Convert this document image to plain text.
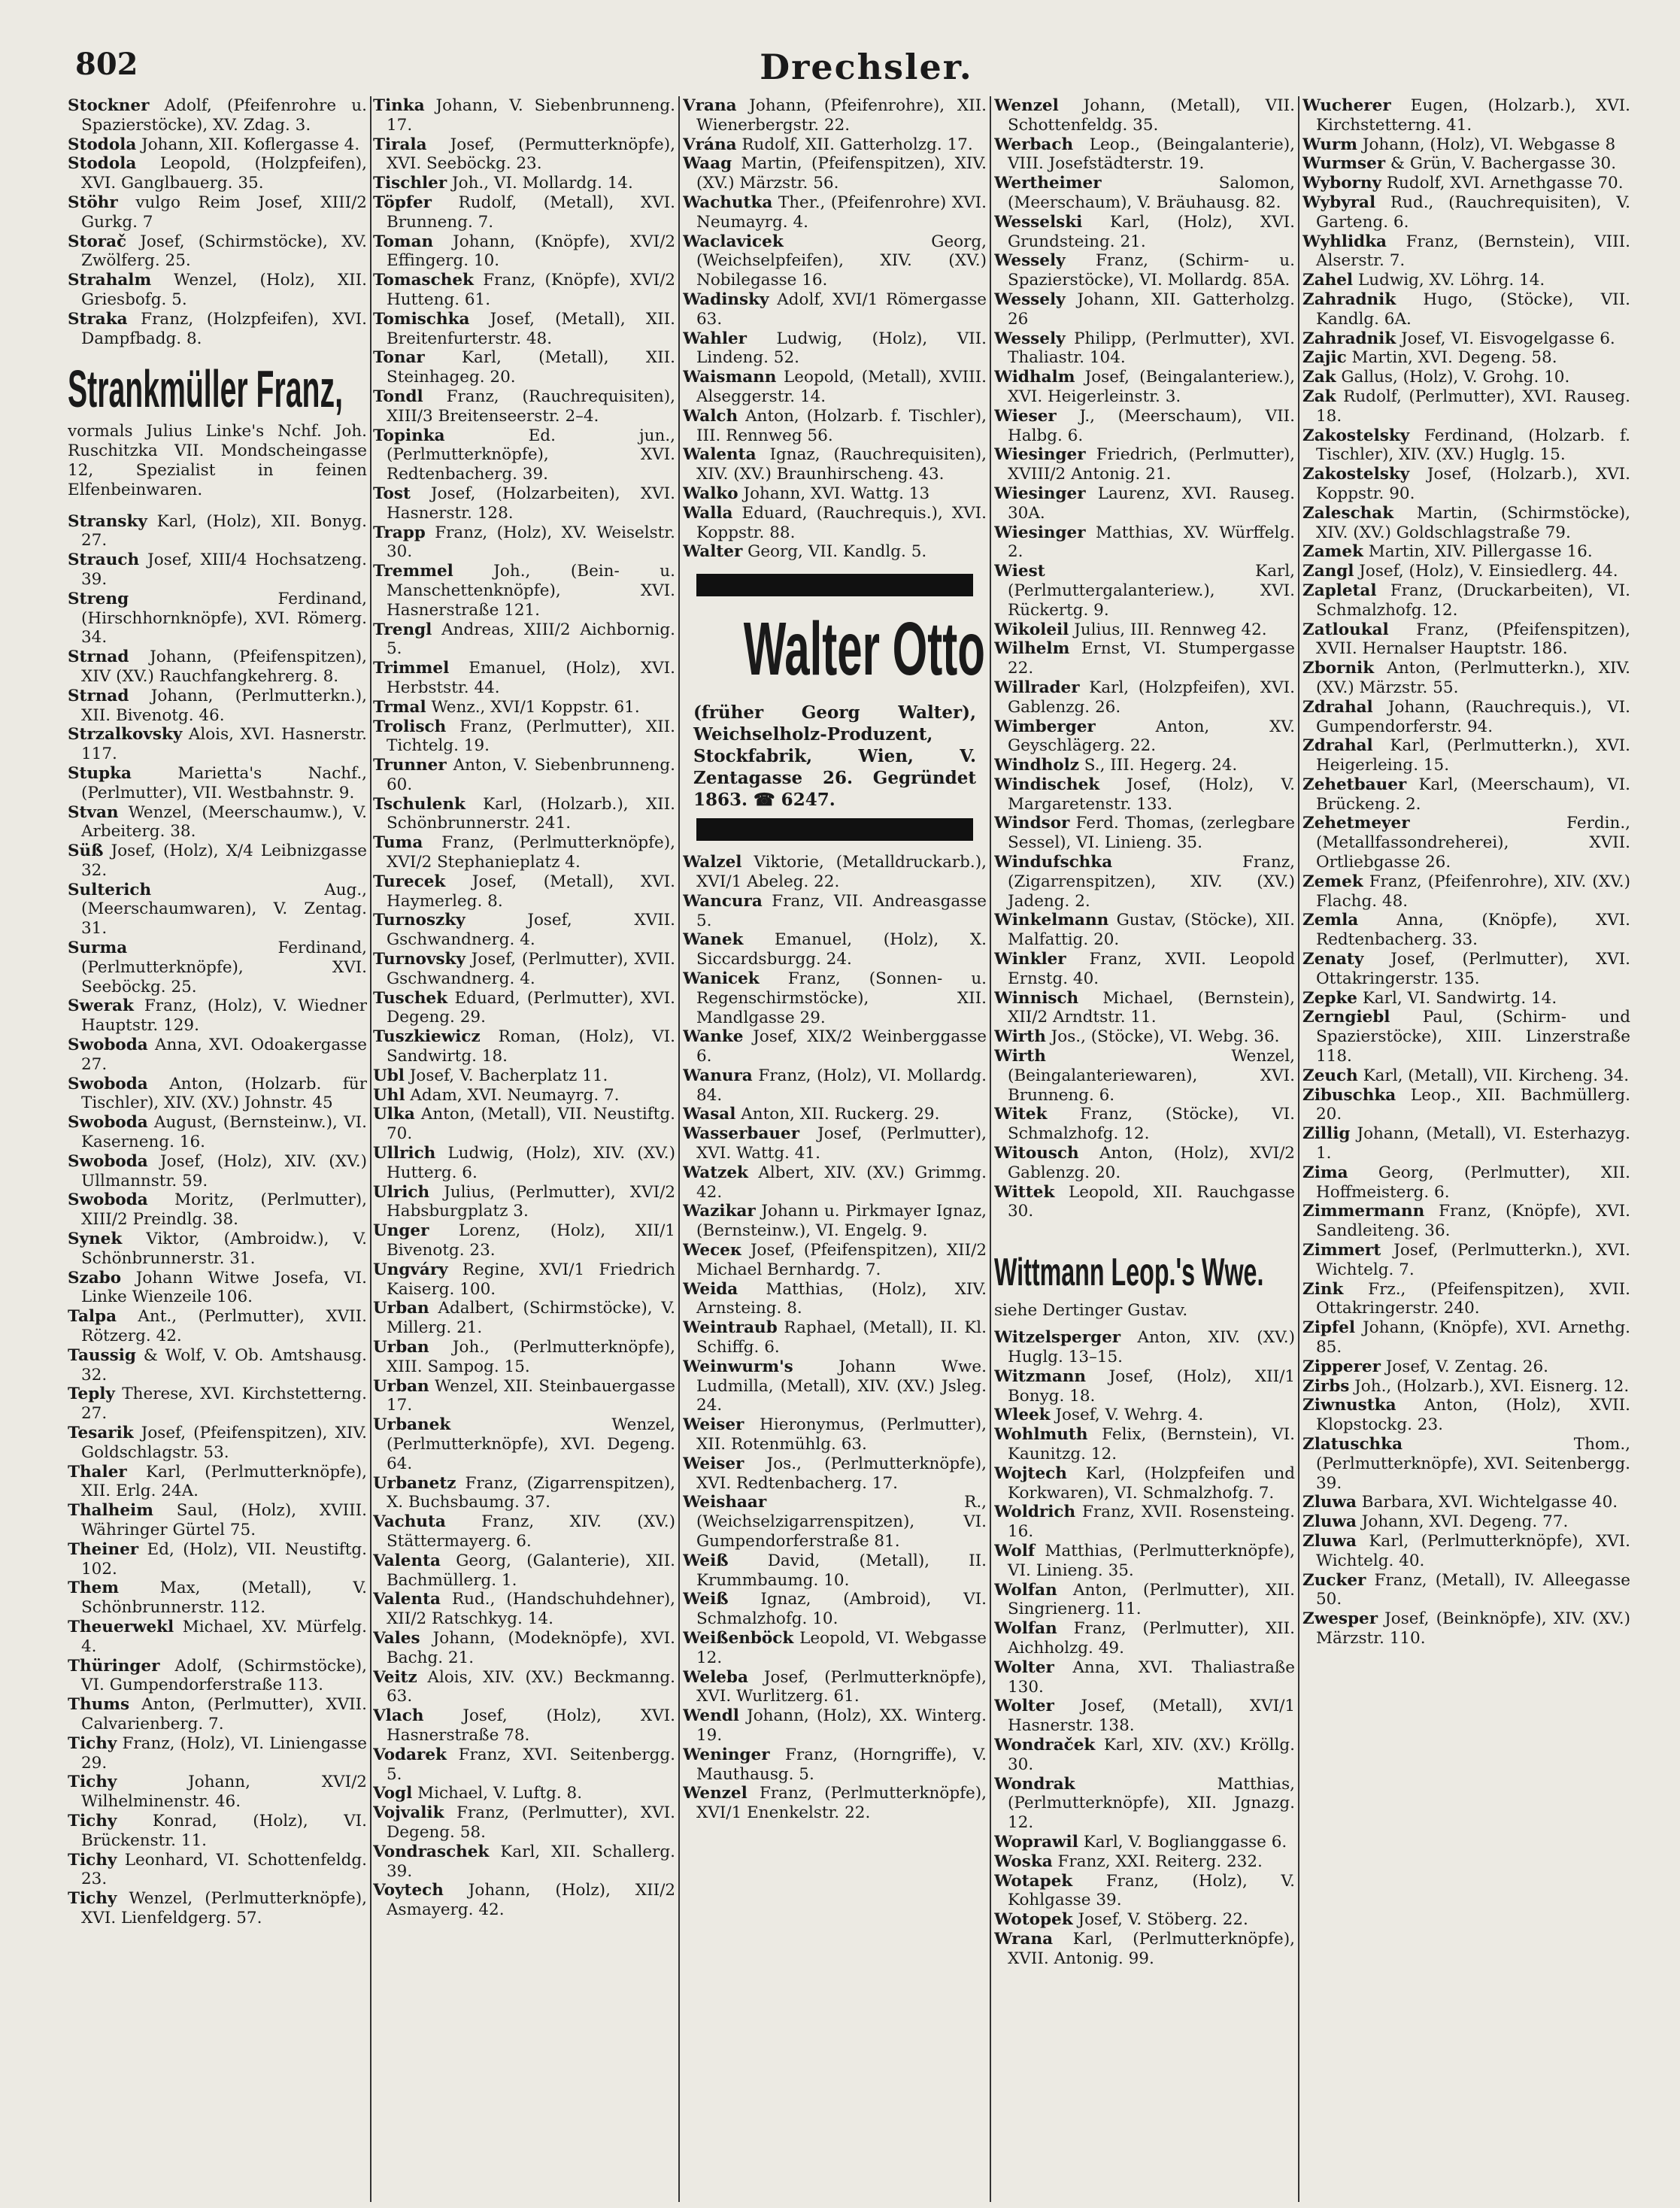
802	Drechsler.

Stockner Adolf, (Pfeifenrohre u. Spazierstöcke), XV. Zdag. 3.

Stodola Johann, XII. Koflergasse 4.

Stodola Leopold, (Holzpfeifen), XVI. Ganglbauerg. 35.

Stöhr vulgo Reim Josef, XIII/2 Gurkg. 7

Storač Josef, (Schirmstöcke), XV. Zwölferg. 25.

Strahalm Wenzel, (Holz), XII. Griesbofg. 5.

Straka Franz, (Holzpfeifen), XVI. Dampfbadg. 8.

Strankmüller Franz,
vormals Julius Linke's Nchf. Joh. Ruschitzka VII. Mondscheingasse 12, Spezialist in feinen Elfenbeinwaren.

Stransky Karl, (Holz), XII. Bonyg. 27.

Strauch Josef, XIII/4 Hochsatzeng. 39.

Streng Ferdinand, (Hirschhornknöpfe), XVI. Römerg. 34.

Strnad Johann, (Pfeifenspitzen), XIV (XV.) Rauchfangkehrerg. 8.

Strnad Johann, (Perlmutterkn.), XII. Bivenotg. 46.

Strzalkovsky Alois, XVI. Hasnerstr. 117.

Stupka Marietta's Nachf., (Perlmutter), VII. Westbahnstr. 9.

Stvan Wenzel, (Meerschaumw.), V. Arbeiterg. 38.

Süß Josef, (Holz), X/4 Leibnizgasse 32.

Sulterich Aug., (Meerschaumwaren), V. Zentag. 31.

Surma Ferdinand, (Perlmutterknöpfe), XVI. Seeböckg. 25.

Swerak Franz, (Holz), V. Wiedner Hauptstr. 129.

Swoboda Anna, XVI. Odoakergasse 27.

Swoboda Anton, (Holzarb. für Tischler), XIV. (XV.) Johnstr. 45

Swoboda August, (Bernsteinw.), VI. Kaserneng. 16.

Swoboda Josef, (Holz), XIV. (XV.) Ullmannstr. 59.

Swoboda Moritz, (Perlmutter), XIII/2 Preindlg. 38.

Synek Viktor, (Ambroidw.), V. Schönbrunnerstr. 31.

Szabo Johann Witwe Josefa, VI. Linke Wienzeile 106.

Talpa Ant., (Perlmutter), XVII. Rötzerg. 42.

Taussig & Wolf, V. Ob. Amtshausg. 32.

Teply Therese, XVI. Kirchstetterng. 27.

Tesarik Josef, (Pfeifenspitzen), XIV. Goldschlagstr. 53.

Thaler Karl, (Perlmutterknöpfe), XII. Erlg. 24A.

Thalheim Saul, (Holz), XVIII. Währinger Gürtel 75.

Theiner Ed, (Holz), VII. Neustiftg. 102.

Them Max, (Metall), V. Schönbrunnerstr. 112.

Theuerwekl Michael, XV. Mürfelg. 4.

Thüringer Adolf, (Schirmstöcke), VI. Gumpendorferstraße 113.

Thums Anton, (Perlmutter), XVII. Calvarienberg. 7.

Tichy Franz, (Holz), VI. Liniengasse 29.

Tichy Johann, XVI/2 Wilhelminenstr. 46.

Tichy Konrad, (Holz), VI. Brückenstr. 11.

Tichy Leonhard, VI. Schottenfeldg. 23.

Tichy Wenzel, (Perlmutterknöpfe), XVI. Lienfeldgerg. 57.

Tinka Johann, V. Siebenbrunneng. 17.

Tirala Josef, (Permutterknöpfe), XVI. Seeböckg. 23.

Tischler Joh., VI. Mollardg. 14.

Töpfer Rudolf, (Metall), XVI. Brunneng. 7.

Toman Johann, (Knöpfe), XVI/2 Effingerg. 10.

Tomaschek Franz, (Knöpfe), XVI/2 Hutteng. 61.

Tomischka Josef, (Metall), XII. Breitenfurterstr. 48.

Tonar Karl, (Metall), XII. Steinhageg. 20.

Tondl Franz, (Rauchrequisiten), XIII/3 Breitenseerstr. 2–4.

Topinka Ed. jun., (Perlmutterknöpfe), XVI. Redtenbacherg. 39.

Tost Josef, (Holzarbeiten), XVI. Hasnerstr. 128.

Trapp Franz, (Holz), XV. Weiselstr. 30.

Tremmel Joh., (Bein- u. Manschettenknöpfe), XVI. Hasnerstraße 121.

Trengl Andreas, XIII/2 Aichbornig. 5.

Trimmel Emanuel, (Holz), XVI. Herbststr. 44.

Trmal Wenz., XVI/1 Koppstr. 61.

Trolisch Franz, (Perlmutter), XII. Tichtelg. 19.

Trunner Anton, V. Siebenbrunneng. 60.

Tschulenk Karl, (Holzarb.), XII. Schönbrunnerstr. 241.

Tuma Franz, (Perlmutterknöpfe), XVI/2 Stephanieplatz 4.

Turecek Josef, (Metall), XVI. Haymerleg. 8.

Turnoszky Josef, XVII. Gschwandnerg. 4.

Turnovsky Josef, (Perlmutter), XVII. Gschwandnerg. 4.

Tuschek Eduard, (Perlmutter), XVI. Degeng. 29.

Tuszkiewicz Roman, (Holz), VI. Sandwirtg. 18.

Ubl Josef, V. Bacherplatz 11.

Uhl Adam, XVI. Neumayrg. 7.

Ulka Anton, (Metall), VII. Neustiftg. 70.

Ullrich Ludwig, (Holz), XIV. (XV.) Hutterg. 6.

Ulrich Julius, (Perlmutter), XVI/2 Habsburgplatz 3.

Unger Lorenz, (Holz), XII/1 Bivenotg. 23.

Ungváry Regine, XVI/1 Friedrich Kaiserg. 100.

Urban Adalbert, (Schirmstöcke), V. Millerg. 21.

Urban Joh., (Perlmutterknöpfe), XIII. Sampog. 15.

Urban Wenzel, XII. Steinbauergasse 17.

Urbanek Wenzel, (Perlmutterknöpfe), XVI. Degeng. 64.

Urbanetz Franz, (Zigarrenspitzen), X. Buchsbaumg. 37.

Vachuta Franz, XIV. (XV.) Stättermayerg. 6.

Valenta Georg, (Galanterie), XII. Bachmüllerg. 1.

Valenta Rud., (Handschuhdehner), XII/2 Ratschkyg. 14.

Vales Johann, (Modeknöpfe), XVI. Bachg. 21.

Veitz Alois, XIV. (XV.) Beckmanng. 63.

Vlach Josef, (Holz), XVI. Hasnerstraße 78.

Vodarek Franz, XVI. Seitenbergg. 5.

Vogl Michael, V. Luftg. 8.

Vojvalik Franz, (Perlmutter), XVI. Degeng. 58.

Vondraschek Karl, XII. Schallerg. 39.

Voytech Johann, (Holz), XII/2 Asmayerg. 42.

Vrana Johann, (Pfeifenrohre), XII. Wienerbergstr. 22.

Vrána Rudolf, XII. Gatterholzg. 17.

Waag Martin, (Pfeifenspitzen), XIV. (XV.) Märzstr. 56.

Wachutka Ther., (Pfeifenrohre) XVI. Neumayrg. 4.

Waclavicek Georg, (Weichselpfeifen), XIV. (XV.) Nobilegasse 16.

Wadinsky Adolf, XVI/1 Römergasse 63.

Wahler Ludwig, (Holz), VII. Lindeng. 52.

Waismann Leopold, (Metall), XVIII. Alseggerstr. 14.

Walch Anton, (Holzarb. f. Tischler), III. Rennweg 56.

Walenta Ignaz, (Rauchrequisiten), XIV. (XV.) Braunhirscheng. 43.

Walko Johann, XVI. Wattg. 13

Walla Eduard, (Rauchrequis.), XVI. Koppstr. 88.

Walter Georg, VII. Kandlg. 5.

Walter Otto
(früher Georg Walter), Weichselholz-Produzent, Stockfabrik, Wien, V. Zentagasse 26. Gegründet 1863. ☎ 6247.

Walzel Viktorie, (Metalldruckarb.), XVI/1 Abeleg. 22.

Wancura Franz, VII. Andreasgasse 5.

Wanek Emanuel, (Holz), X. Siccardsburgg. 24.

Wanicek Franz, (Sonnen- u. Regenschirmstöcke), XII. Mandlgasse 29.

Wanke Josef, XIX/2 Weinberggasse 6.

Wanura Franz, (Holz), VI. Mollardg. 84.

Wasal Anton, XII. Ruckerg. 29.

Wasserbauer Josef, (Perlmutter), XVI. Wattg. 41.

Watzek Albert, XIV. (XV.) Grimmg. 42.

Wazikar Johann u. Pirkmayer Ignaz, (Bernsteinw.), VI. Engelg. 9.

Weceк Josef, (Pfeifenspitzen), XII/2 Michael Bernhardg. 7.

Weida Matthias, (Holz), XIV. Arnsteing. 8.

Weintraub Raphael, (Metall), II. Kl. Schiffg. 6.

Weinwurm's Johann Wwe. Ludmilla, (Metall), XIV. (XV.) Jsleg. 24.

Weiser Hieronymus, (Perlmutter), XII. Rotenmühlg. 63.

Weiser Jos., (Perlmutterknöpfe), XVI. Redtenbacherg. 17.

Weishaar R., (Weichselzigarrenspitzen), VI. Gumpendorferstraße 81.

Weiß David, (Metall), II. Krummbaumg. 10.

Weiß Ignaz, (Ambroid), VI. Schmalzhofg. 10.

Weißenböck Leopold, VI. Webgasse 12.

Weleba Josef, (Perlmutterknöpfe), XVI. Wurlitzerg. 61.

Wendl Johann, (Holz), XX. Winterg. 19.

Weninger Franz, (Horngriffe), V. Mauthausg. 5.

Wenzel Franz, (Perlmutterknöpfe), XVI/1 Enenkelstr. 22.

Wenzel Johann, (Metall), VII. Schottenfeldg. 35.

Werbach Leop., (Beingalanterie), VIII. Josefstädterstr. 19.

Wertheimer Salomon, (Meerschaum), V. Bräuhausg. 82.

Wesselski Karl, (Holz), XVI. Grundsteing. 21.

Wessely Franz, (Schirm- u. Spazierstöcke), VI. Mollardg. 85A.

Wessely Johann, XII. Gatterholzg. 26

Wessely Philipp, (Perlmutter), XVI. Thaliastr. 104.

Widhalm Josef, (Beingalanteriew.), XVI. Heigerleinstr. 3.

Wieser J., (Meerschaum), VII. Halbg. 6.

Wiesinger Friedrich, (Perlmutter), XVIII/2 Antonig. 21.

Wiesinger Laurenz, XVI. Rauseg. 30A.

Wiesinger Matthias, XV. Würffelg. 2.

Wiest Karl, (Perlmuttergalanteriew.), XVI. Rückertg. 9.

Wikoleil Julius, III. Rennweg 42.

Wilhelm Ernst, VI. Stumpergasse 22.

Willrader Karl, (Holzpfeifen), XVI. Gablenzg. 26.

Wimberger Anton, XV. Geyschlägerg. 22.

Windholz S., III. Hegerg. 24.

Windischek Josef, (Holz), V. Margaretenstr. 133.

Windsor Ferd. Thomas, (zerlegbare Sessel), VI. Linieng. 35.

Windufschka Franz, (Zigarrenspitzen), XIV. (XV.) Jadeng. 2.

Winkelmann Gustav, (Stöcke), XII. Malfattig. 20.

Winkler Franz, XVII. Leopold Ernstg. 40.

Winnisch Michael, (Bernstein), XII/2 Arndtstr. 11.

Wirth Jos., (Stöcke), VI. Webg. 36.

Wirth Wenzel, (Beingalanteriewaren), XVI. Brunneng. 6.

Witek Franz, (Stöcke), VI. Schmalzhofg. 12.

Witousch Anton, (Holz), XVI/2 Gablenzg. 20.

Wittek Leopold, XII. Rauchgasse 30.

Wittmann Leop.'s Wwe.
siehe Dertinger Gustav.

Witzelsperger Anton, XIV. (XV.) Huglg. 13–15.

Witzmann Josef, (Holz), XII/1 Bonyg. 18.

Wleek Josef, V. Wehrg. 4.

Wohlmuth Felix, (Bernstein), VI. Kaunitzg. 12.

Wojtech Karl, (Holzpfeifen und Korkwaren), VI. Schmalzhofg. 7.

Woldrich Franz, XVII. Rosensteing. 16.

Wolf Matthias, (Perlmutterknöpfe), VI. Linieng. 35.

Wolfan Anton, (Perlmutter), XII. Singrienerg. 11.

Wolfan Franz, (Perlmutter), XII. Aichholzg. 49.

Wolter Anna, XVI. Thaliastraße 130.

Wolter Josef, (Metall), XVI/1 Hasnerstr. 138.

Wondraček Karl, XIV. (XV.) Kröllg. 30.

Wondrak Matthias, (Perlmutterknöpfe), XII. Jgnazg. 12.

Woprawil Karl, V. Boglianggasse 6.

Woska Franz, XXI. Reiterg. 232.

Wotapek Franz, (Holz), V. Kohlgasse 39.

Wotopek Josef, V. Stöberg. 22.

Wrana Karl, (Perlmutterknöpfe), XVII. Antonig. 99.

Wucherer Eugen, (Holzarb.), XVI. Kirchstetterng. 41.

Wurm Johann, (Holz), VI. Webgasse 8

Wurmser & Grün, V. Bachergasse 30.

Wyborny Rudolf, XVI. Arnethgasse 70.

Wybyral Rud., (Rauchrequisiten), V. Garteng. 6.

Wyhlidka Franz, (Bernstein), VIII. Alserstr. 7.

Zahel Ludwig, XV. Löhrg. 14.

Zahradnik Hugo, (Stöcke), VII. Kandlg. 6A.

Zahradnik Josef, VI. Eisvogelgasse 6.

Zajic Martin, XVI. Degeng. 58.

Zak Gallus, (Holz), V. Grohg. 10.

Zak Rudolf, (Perlmutter), XVI. Rauseg. 18.

Zakostelsky Ferdinand, (Holzarb. f. Tischler), XIV. (XV.) Huglg. 15.

Zakostelsky Josef, (Holzarb.), XVI. Koppstr. 90.

Zaleschak Martin, (Schirmstöcke), XIV. (XV.) Goldschlagstraße 79.

Zamek Martin, XIV. Pillergasse 16.

Zangl Josef, (Holz), V. Einsiedlerg. 44.

Zapletal Franz, (Druckarbeiten), VI. Schmalzhofg. 12.

Zatloukal Franz, (Pfeifenspitzen), XVII. Hernalser Hauptstr. 186.

Zbornik Anton, (Perlmutterkn.), XIV. (XV.) Märzstr. 55.

Zdrahal Johann, (Rauchrequis.), VI. Gumpendorferstr. 94.

Zdrahal Karl, (Perlmutterkn.), XVI. Heigerleing. 15.

Zehetbauer Karl, (Meerschaum), VI. Brückeng. 2.

Zehetmeyer Ferdin., (Metallfassondreherei), XVII. Ortliebgasse 26.

Zemek Franz, (Pfeifenrohre), XIV. (XV.) Flachg. 48.

Zemla Anna, (Knöpfe), XVI. Redtenbacherg. 33.

Zenaty Josef, (Perlmutter), XVI. Ottakringerstr. 135.

Zepke Karl, VI. Sandwirtg. 14.

Zerngiebl Paul, (Schirm- und Spazierstöcke), XIII. Linzerstraße 118.

Zeuch Karl, (Metall), VII. Kircheng. 34.

Zibuschka Leop., XII. Bachmüllerg. 20.

Zillig Johann, (Metall), VI. Esterhazyg. 1.

Zima Georg, (Perlmutter), XII. Hoffmeisterg. 6.

Zimmermann Franz, (Knöpfe), XVI. Sandleiteng. 36.

Zimmert Josef, (Perlmutterkn.), XVI. Wichtelg. 7.

Zink Frz., (Pfeifenspitzen), XVII. Ottakringerstr. 240.

Zipfel Johann, (Knöpfe), XVI. Arnethg. 85.

Zipperer Josef, V. Zentag. 26.

Zirbs Joh., (Holzarb.), XVI. Eisnerg. 12.

Ziwnustka Anton, (Holz), XVII. Klopstockg. 23.

Zlatuschka Thom., (Perlmutterknöpfe), XVI. Seitenbergg. 39.

Zluwa Barbara, XVI. Wichtelgasse 40.

Zluwa Johann, XVI. Degeng. 77.

Zluwa Karl, (Perlmutterknöpfe), XVI. Wichtelg. 40.

Zucker Franz, (Metall), IV. Alleegasse 50.

Zwesper Josef, (Beinknöpfe), XIV. (XV.) Märzstr. 110.
